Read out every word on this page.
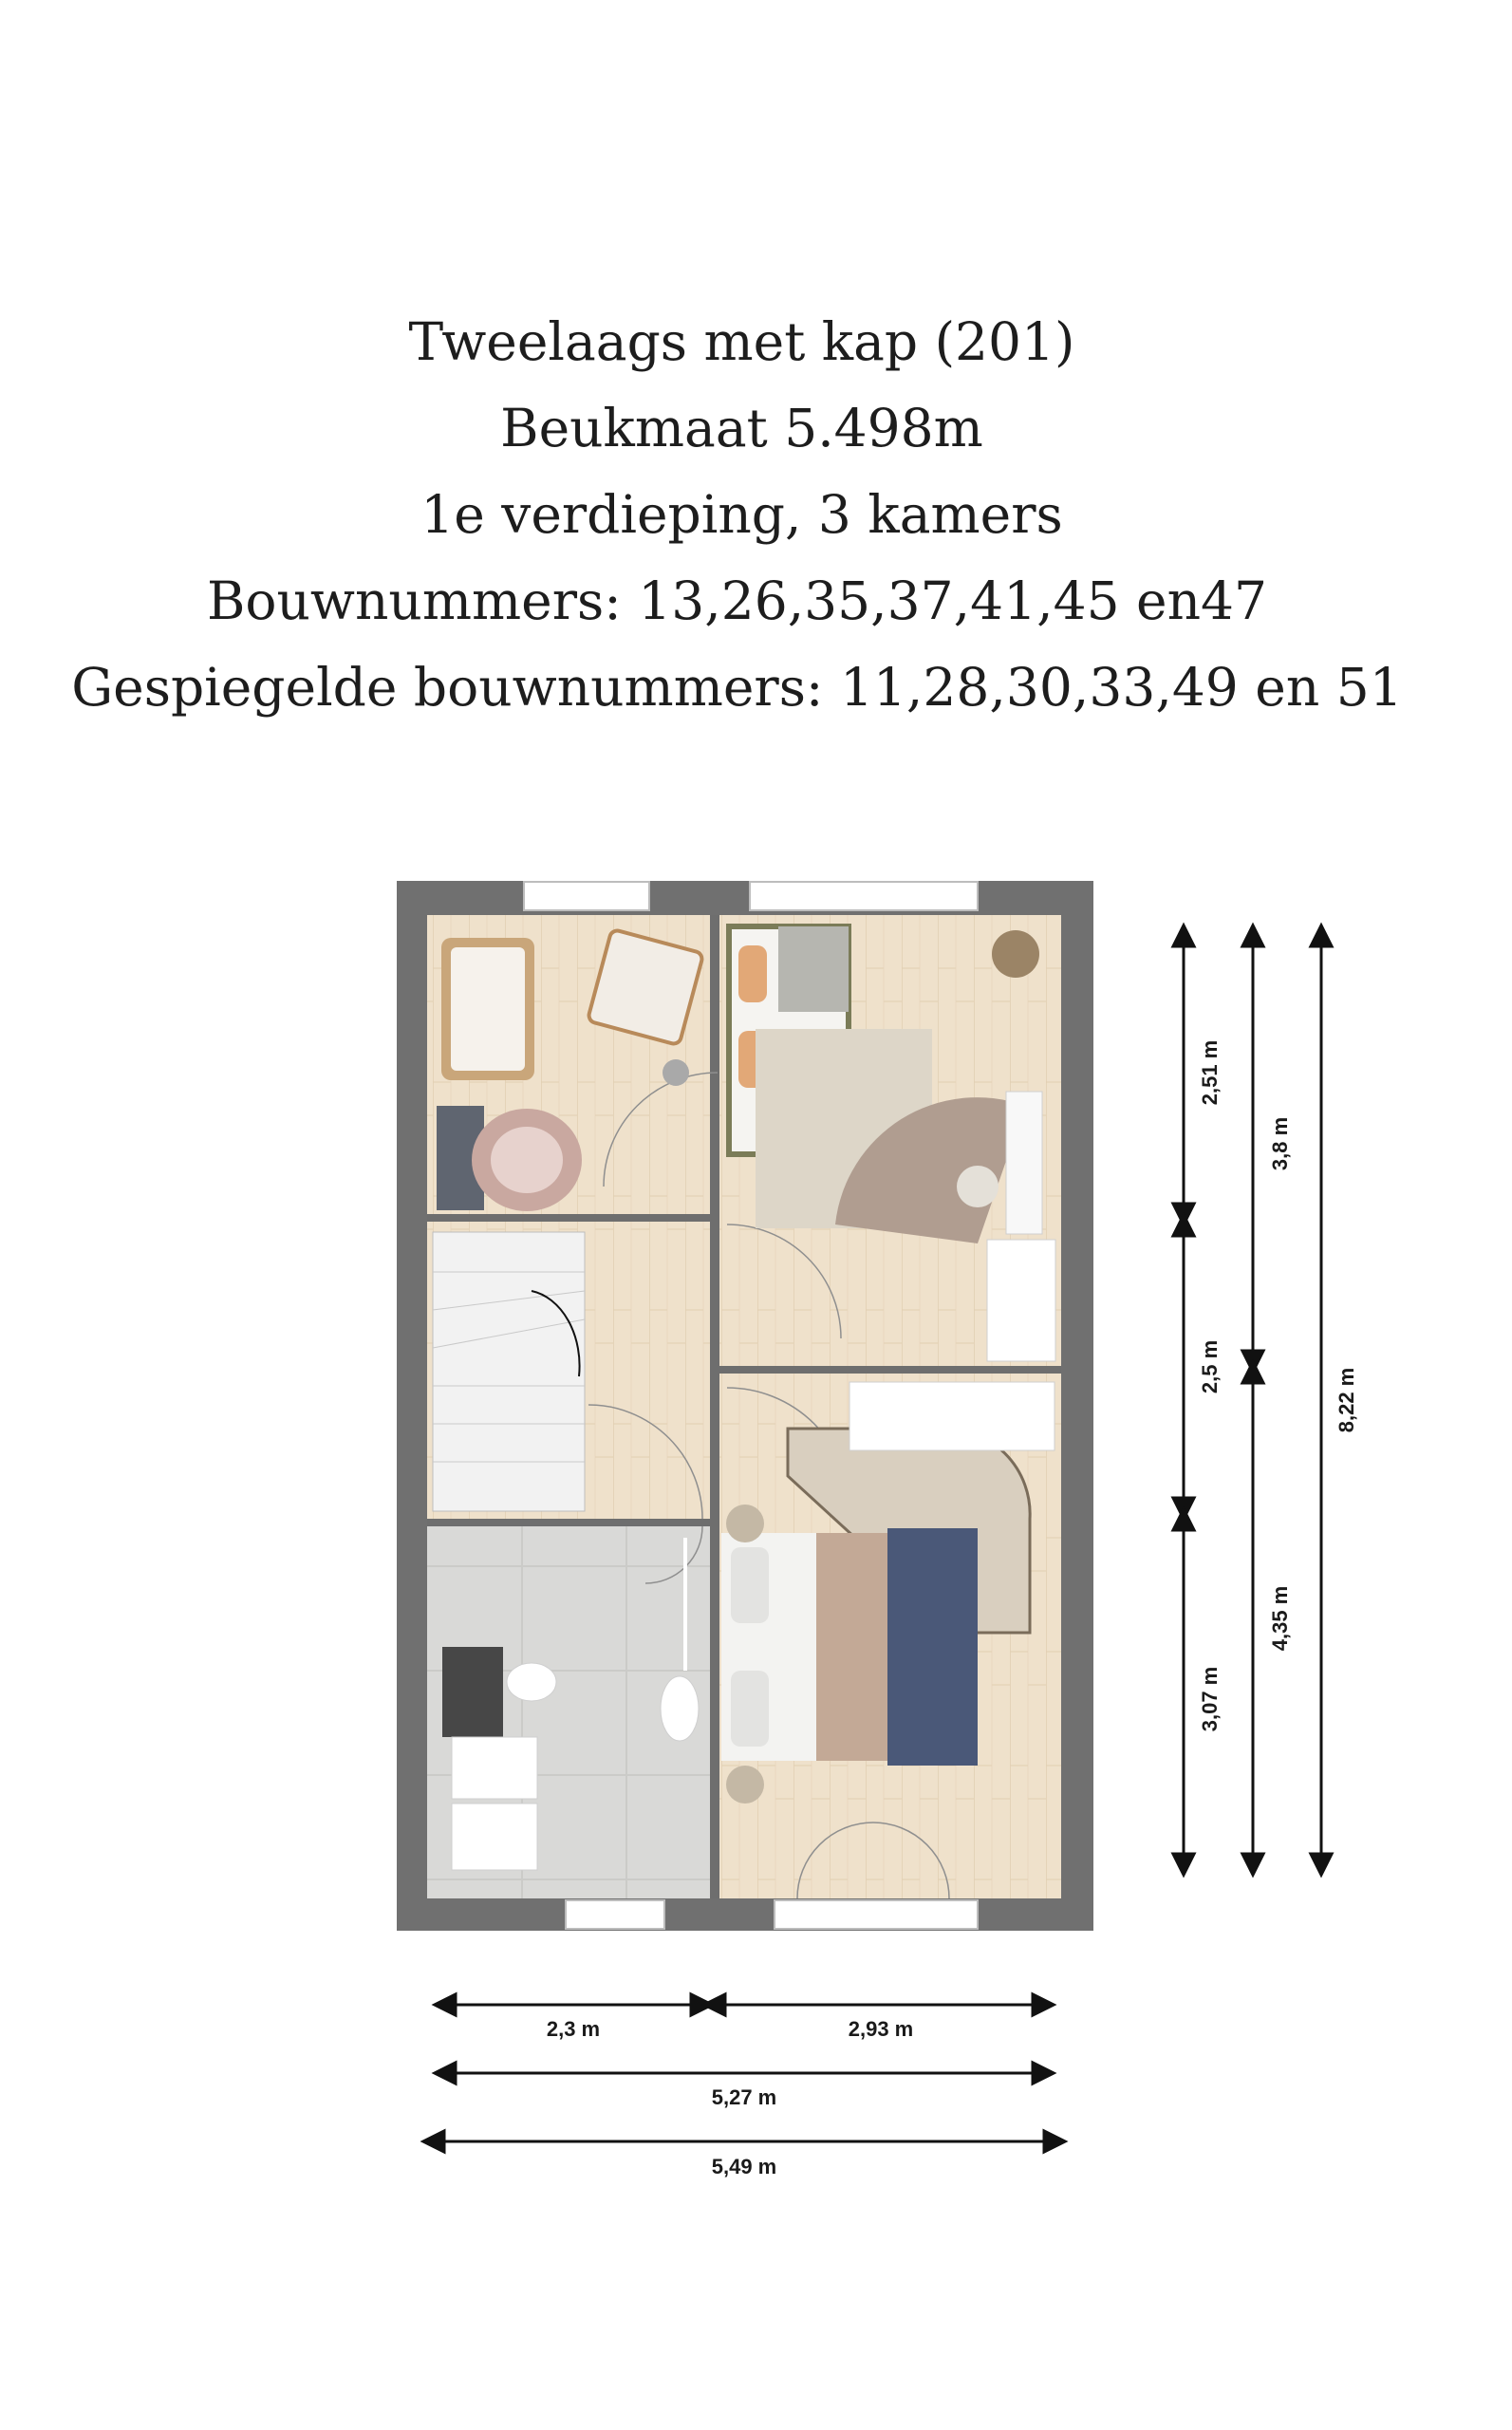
Tweelaags met kap (201)
Beukmaat 5.498m
1e verdieping, 3 kamers
Bouwnummers: 13,26,35,37,41,45 en47
Gespiegelde bouwnummers: 11,28,30,33,49 en 51
2,51 m
2,5 m
3,07 m
3,8 m
4,35 m
8,22 m
2,3 m	2,93 m
5,27 m
5,49 m
